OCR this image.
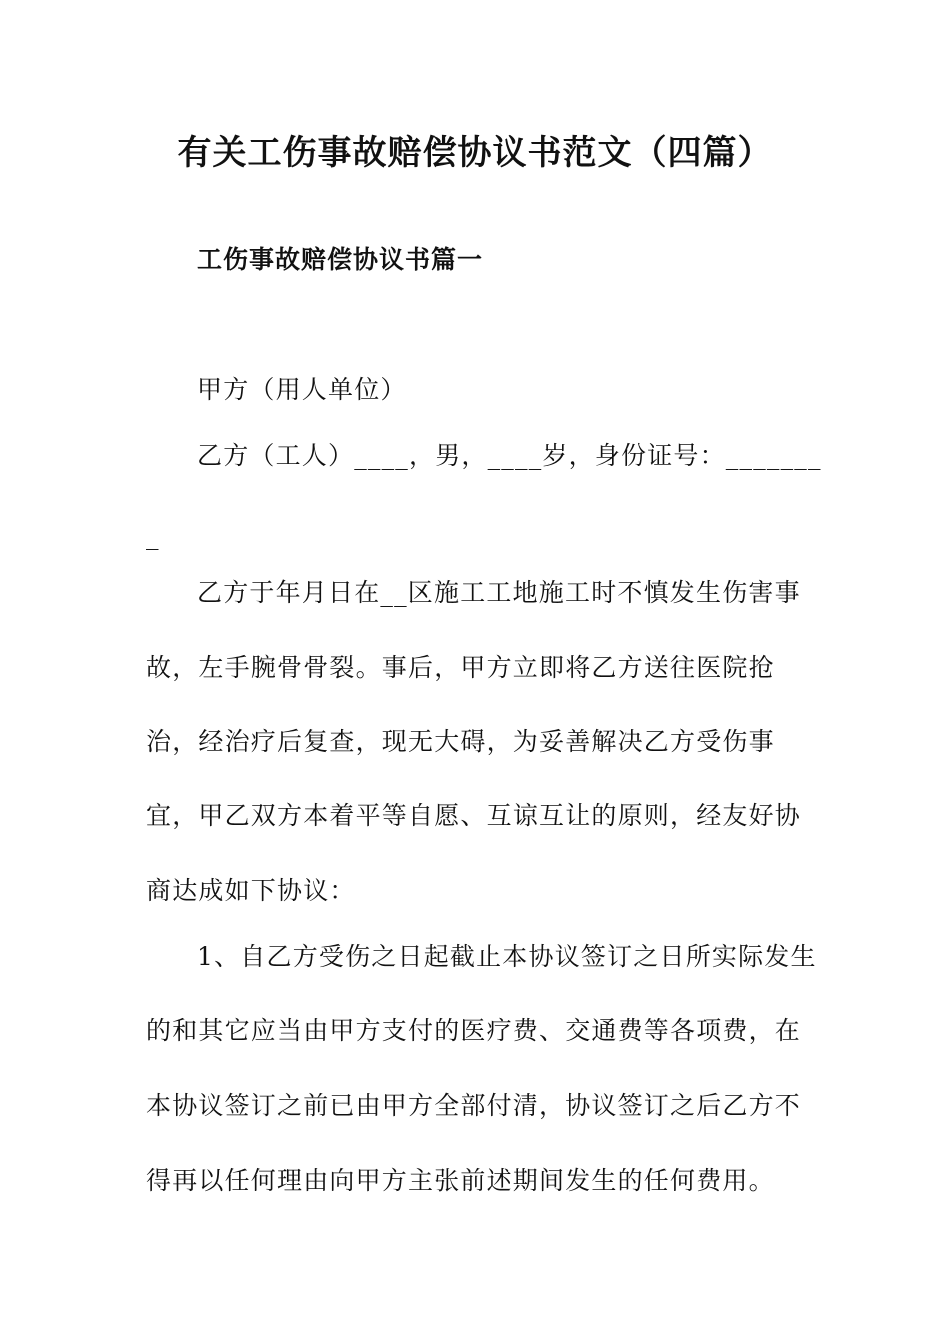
有关工伤事故赔偿协议书范文（四篇）
工伤事故赔偿协议书篇一
甲方（用人单位）
乙方（工人）____，男，____岁，身份证号：_______
_
乙方于年月日在__区施工工地施工时不慎发生伤害事
故，左手腕骨骨裂。事后，甲方立即将乙方送往医院抢
治，经治疗后复查，现无大碍，为妥善解决乙方受伤事
宜，甲乙双方本着平等自愿、互谅互让的原则，经友好协
商达成如下协议：
1、自乙方受伤之日起截止本协议签订之日所实际发生
的和其它应当由甲方支付的医疗费、交通费等各项费，在
本协议签订之前已由甲方全部付清，协议签订之后乙方不
得再以任何理由向甲方主张前述期间发生的任何费用。
